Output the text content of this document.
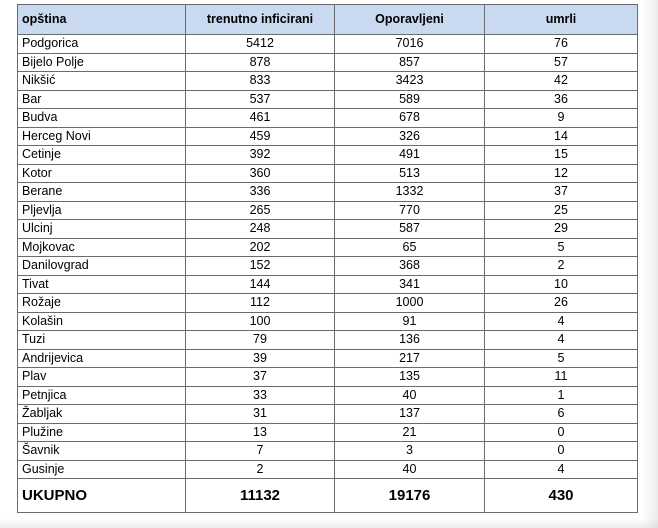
opština	trenutno inficirani	Oporavljeni	umrli
Podgorica	5412	7016	76
Bijelo Polje	878	857	57
Nikšić	833	3423	42
Bar	537	589	36
Budva	461	678	9
Herceg Novi	459	326	14
Cetinje	392	491	15
Kotor	360	513	12
Berane	336	1332	37
Pljevlja	265	770	25
Ulcinj	248	587	29
Mojkovac	202	65	5
Danilovgrad	152	368	2
Tivat	144	341	10
Rožaje	112	1000	26
Kolašin	100	91	4
Tuzi	79	136	4
Andrijevica	39	217	5
Plav	37	135	11
Petnjica	33	40	1
Žabljak	31	137	6
Plužine	13	21	0
Šavnik	7	3	0
Gusinje	2	40	4
UKUPNO	11132	19176	430
